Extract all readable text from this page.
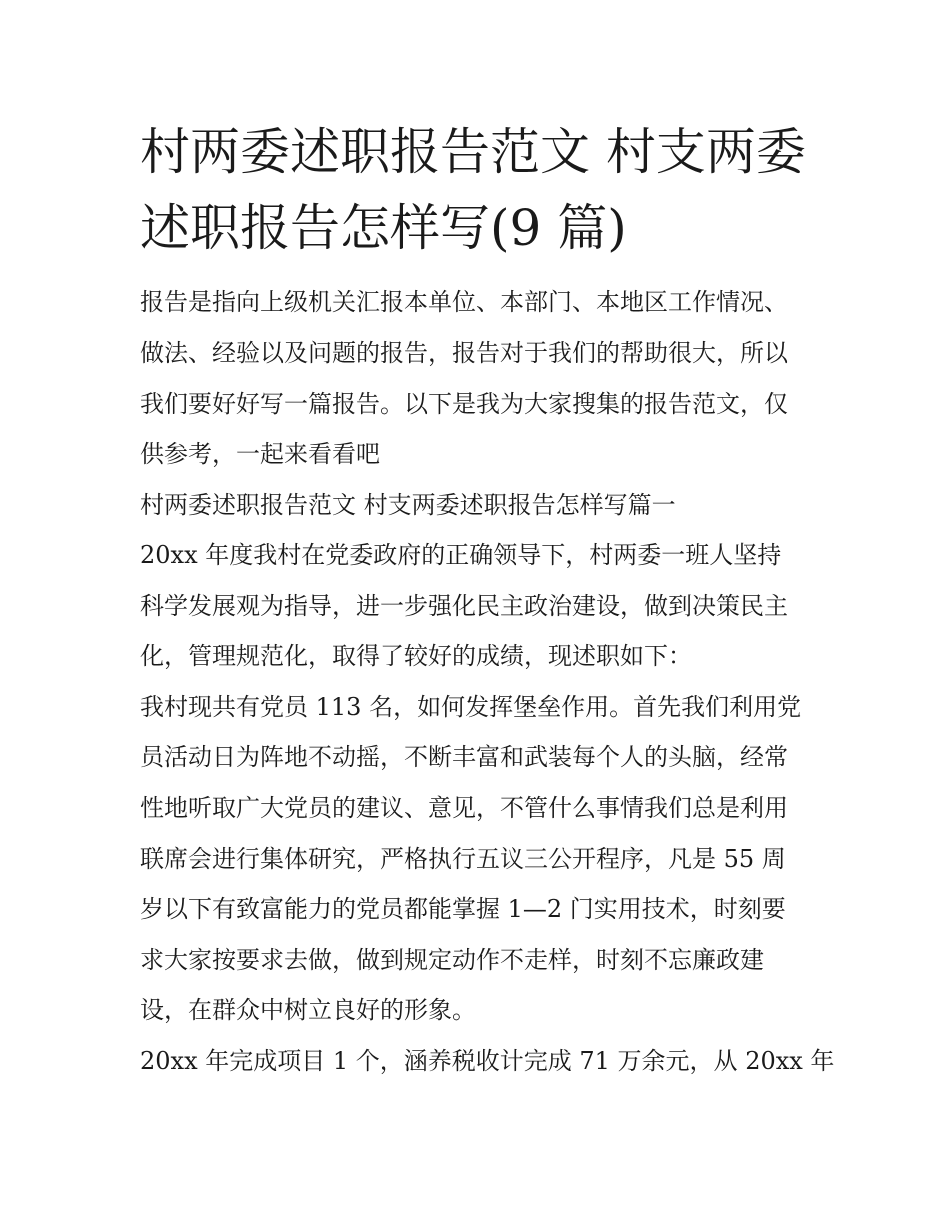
村两委述职报告范文 村支两委
述职报告怎样写(9 篇)

报告是指向上级机关汇报本单位、本部门、本地区工作情况、

做法、经验以及问题的报告，报告对于我们的帮助很大，所以

我们要好好写一篇报告。以下是我为大家搜集的报告范文，仅

供参考，一起来看看吧

村两委述职报告范文 村支两委述职报告怎样写篇一

20xx 年度我村在党委政府的正确领导下，村两委一班人坚持

科学发展观为指导，进一步强化民主政治建设，做到决策民主

化，管理规范化，取得了较好的成绩，现述职如下：

我村现共有党员 113 名，如何发挥堡垒作用。首先我们利用党

员活动日为阵地不动摇，不断丰富和武装每个人的头脑，经常

性地听取广大党员的建议、意见，不管什么事情我们总是利用

联席会进行集体研究，严格执行五议三公开程序，凡是 55 周

岁以下有致富能力的党员都能掌握 1—2 门实用技术，时刻要

求大家按要求去做，做到规定动作不走样，时刻不忘廉政建

设，在群众中树立良好的形象。

20xx 年完成项目 1 个，涵养税收计完成 71 万余元，从 20xx 年
